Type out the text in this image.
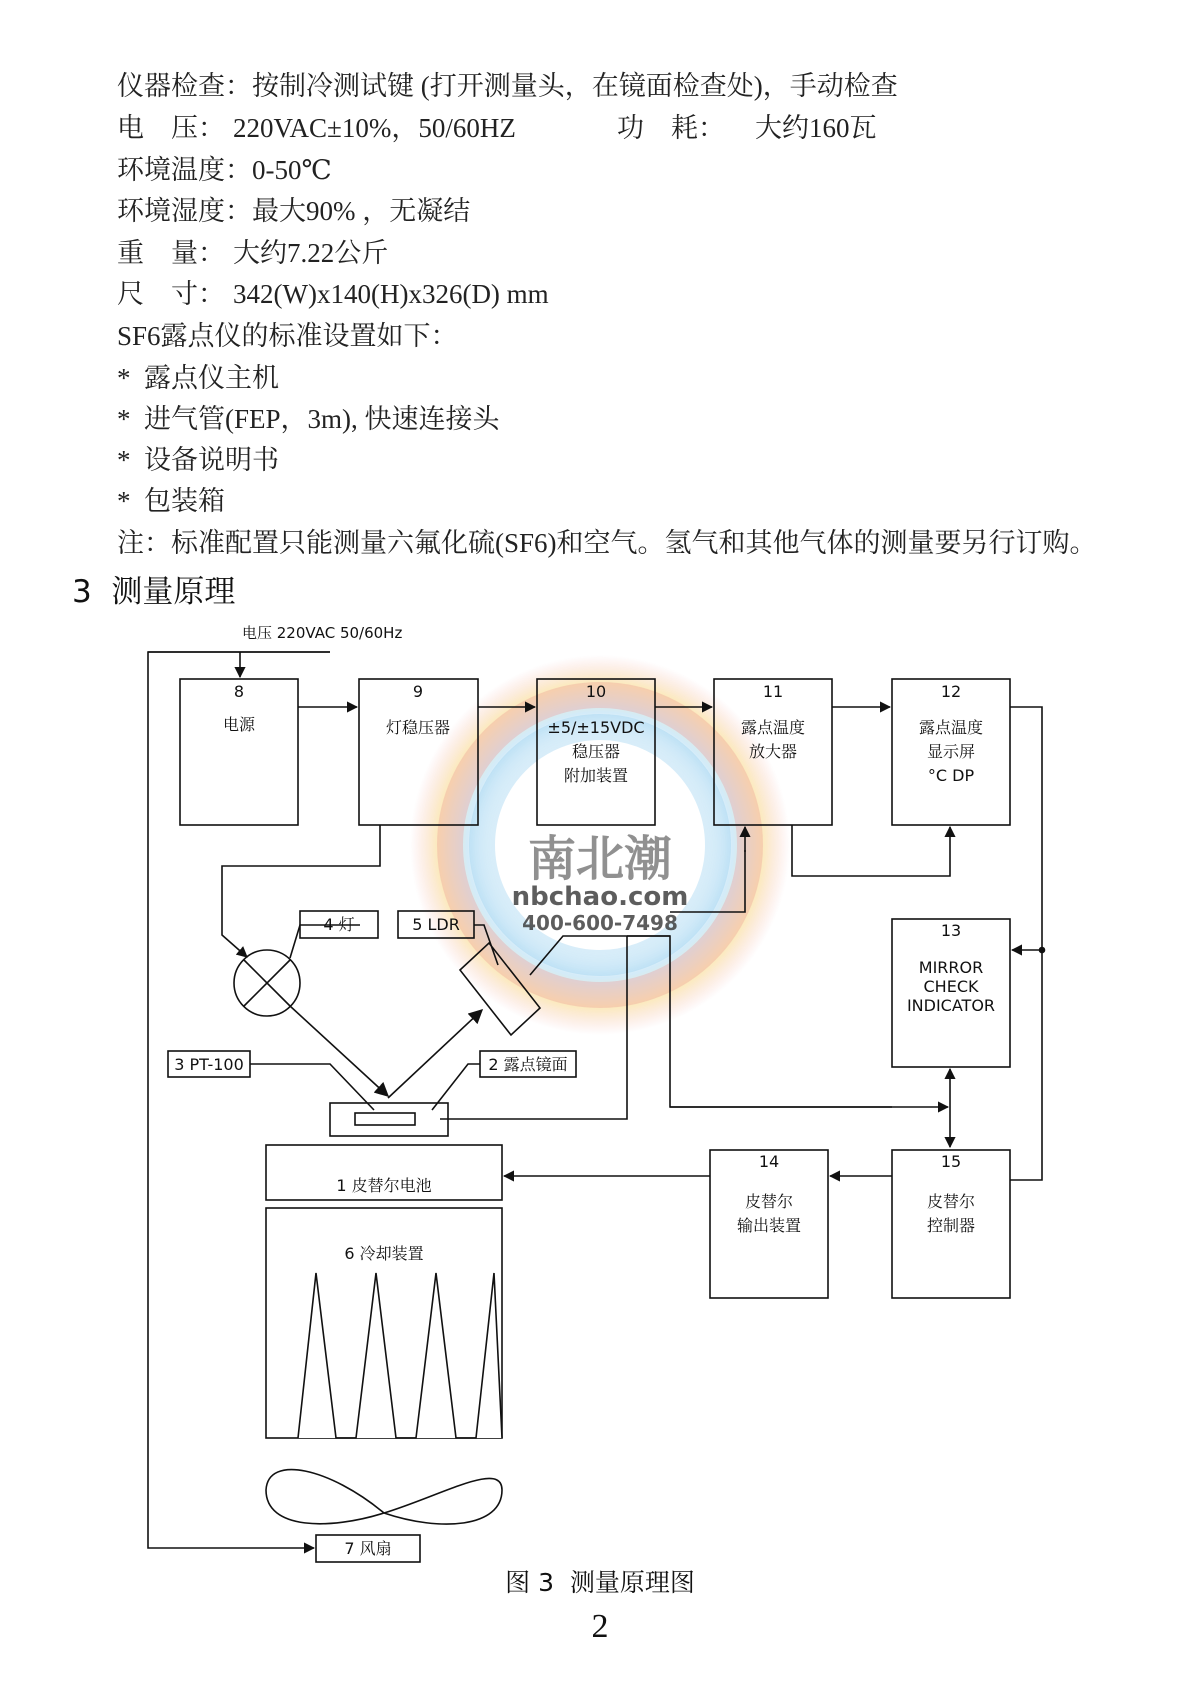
仪器检查：按制冷测试键 (打开测量头，在镜面检查处)，手动检查
电　压： 220VAC±10%，50/60HZ	功　耗： 大约160瓦
环境温度：0-50℃
环境湿度：最大90% ，无凝结
重　量： 大约7.22公斤
尺　寸： 342(W)x140(H)x326(D) mm
SF6露点仪的标准设置如下：
*  露点仪主机
*  进气管(FEP，3m), 快速连接头
*  设备说明书
*  包装箱
注：标准配置只能测量六氟化硫(SF6)和空气。氢气和其他气体的测量要另行订购。
3  测量原理
南北潮
nbchao.com
400-600-7498
电压 220VAC 50/60Hz
8
电源
9
灯稳压器
10
±5/±15VDC
稳压器
附加装置
11
露点温度
放大器
12
露点温度
显示屏
°C DP
13
MIRROR
CHECK
INDICATOR
14
皮替尔
输出装置
15
皮替尔
控制器
4 灯	5 LDR
3 PT-100	2 露点镜面
1 皮替尔电池
6 冷却装置
7 风扇
图 3  测量原理图
2
